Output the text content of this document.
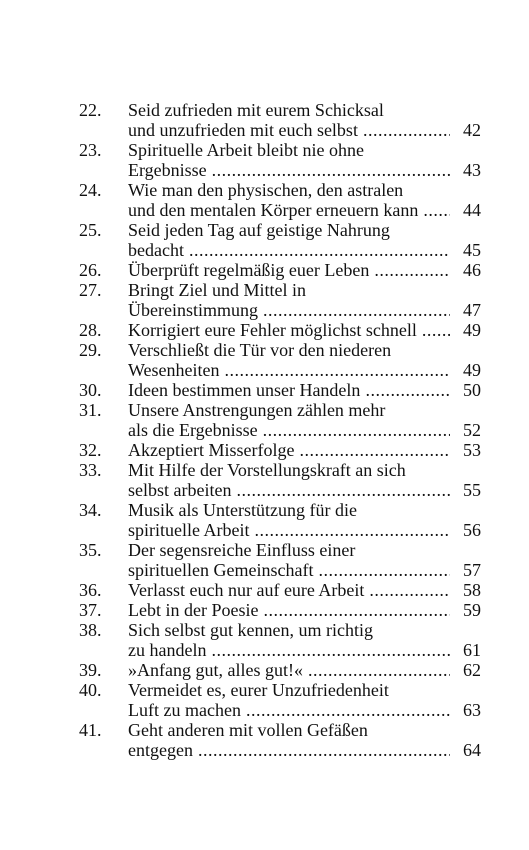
22. Seid zufrieden mit eurem Schicksal
und unzufrieden mit euch selbst .....	42
23. Spirituelle Arbeit bleibt nie ohne
Ergebnisse .....	43
24. Wie man den physischen, den astralen
und den mentalen Körper erneuern kann .....	44
25. Seid jeden Tag auf geistige Nahrung
bedacht .....	45
26. Überprüft regelmäßig euer Leben .....	46
27. Bringt Ziel und Mittel in
Übereinstimmung .....	47
28. Korrigiert eure Fehler möglichst schnell .....	49
29. Verschließt die Tür vor den niederen
Wesenheiten .....	49
30. Ideen bestimmen unser Handeln .....	50
31. Unsere Anstrengungen zählen mehr
als die Ergebnisse .....	52
32. Akzeptiert Misserfolge .....	53
33. Mit Hilfe der Vorstellungskraft an sich
selbst arbeiten .....	55
34. Musik als Unterstützung für die
spirituelle Arbeit .....	56
35. Der segensreiche Einfluss einer
spirituellen Gemeinschaft .....	57
36. Verlasst euch nur auf eure Arbeit .....	58
37. Lebt in der Poesie .....	59
38. Sich selbst gut kennen, um richtig
zu handeln .....	61
39. »Anfang gut, alles gut!« .....	62
40. Vermeidet es, eurer Unzufriedenheit
Luft zu machen .....	63
41. Geht anderen mit vollen Gefäßen
entgegen .....	64
